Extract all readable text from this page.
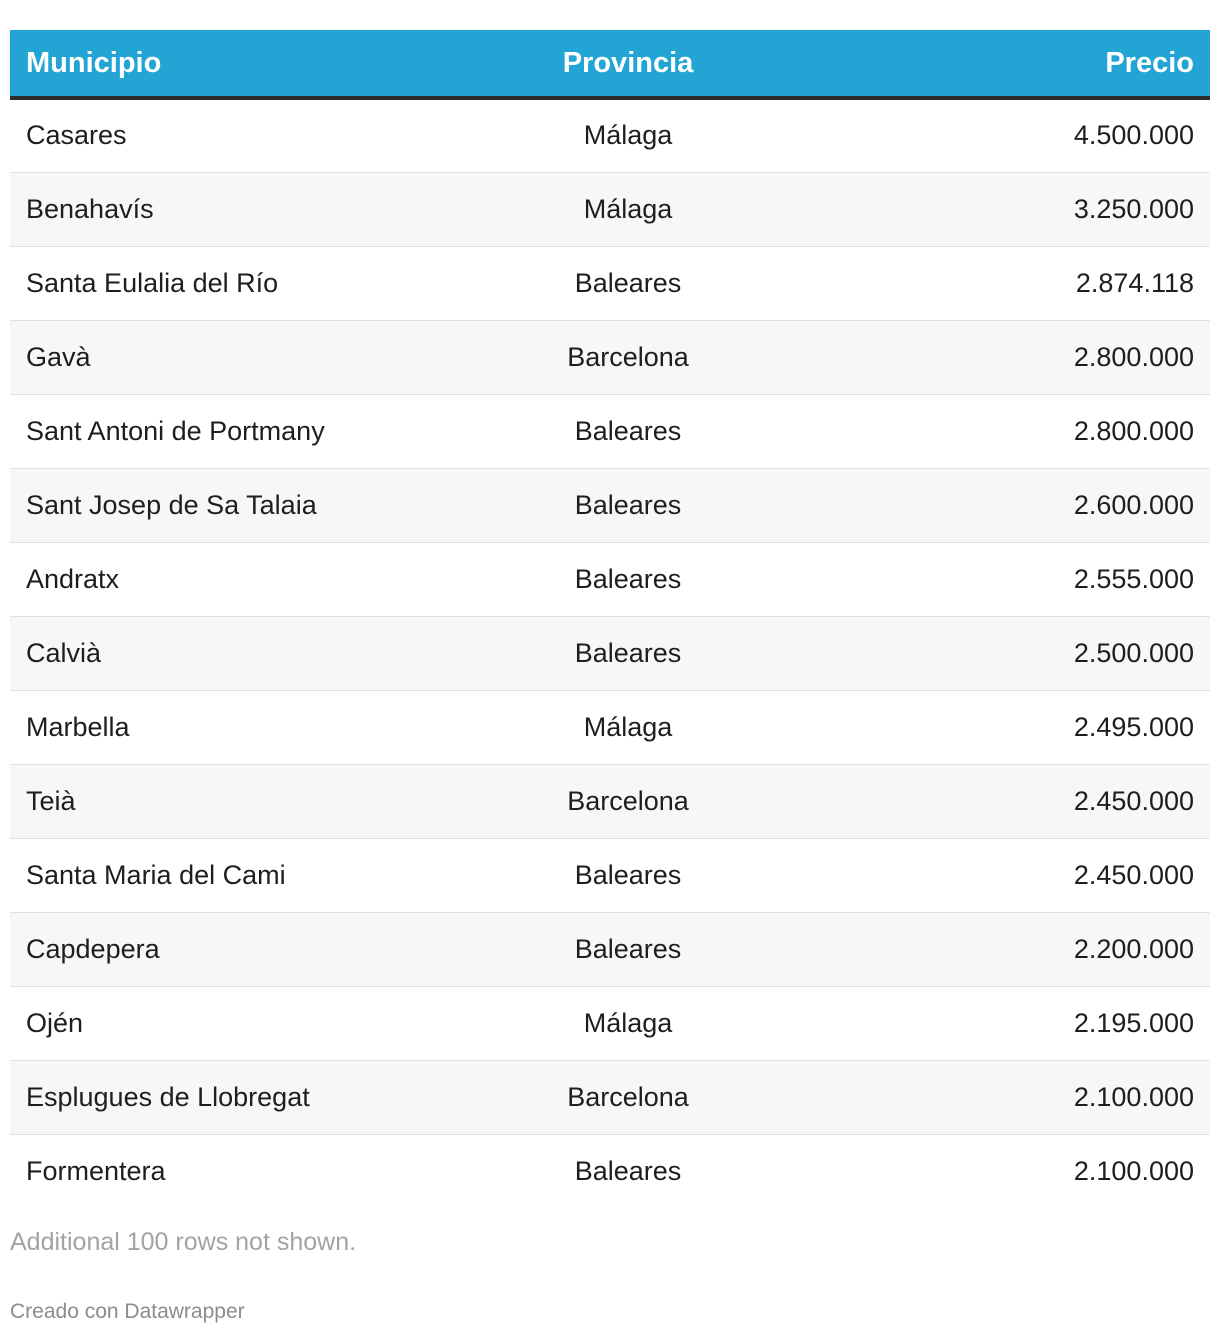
Municipio	Provincia	Precio
Casares	Málaga	4.500.000
Benahavís	Málaga	3.250.000
Santa Eulalia del Río	Baleares	2.874.118
Gavà	Barcelona	2.800.000
Sant Antoni de Portmany	Baleares	2.800.000
Sant Josep de Sa Talaia	Baleares	2.600.000
Andratx	Baleares	2.555.000
Calvià	Baleares	2.500.000
Marbella	Málaga	2.495.000
Teià	Barcelona	2.450.000
Santa Maria del Cami	Baleares	2.450.000
Capdepera	Baleares	2.200.000
Ojén	Málaga	2.195.000
Esplugues de Llobregat	Barcelona	2.100.000
Formentera	Baleares	2.100.000
Additional 100 rows not shown.
Creado con Datawrapper
